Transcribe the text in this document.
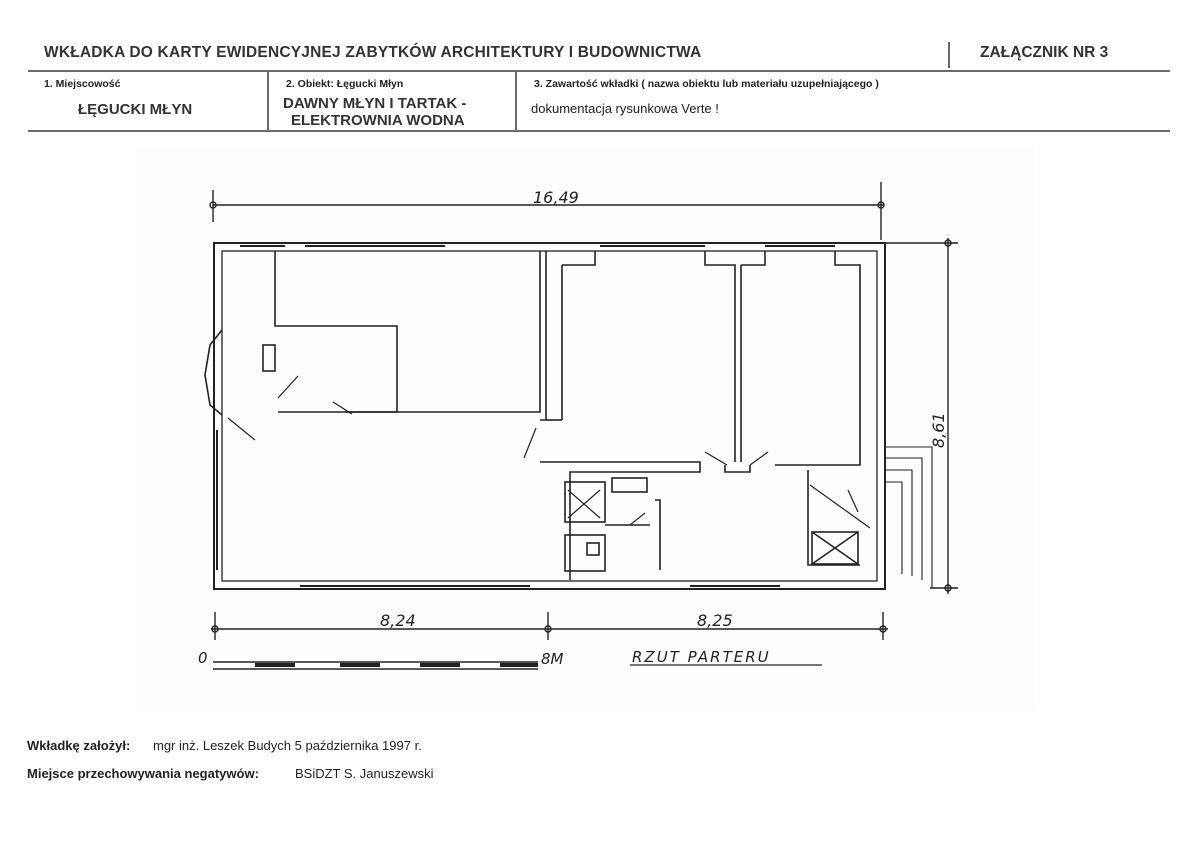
WKŁADKA DO KARTY EWIDENCYJNEJ ZABYTKÓW ARCHITEKTURY I BUDOWNICTWA	ZAŁĄCZNIK NR 3
1. Miejscowość
ŁĘGUCKI MŁYN
2. Obiekt: Łęgucki Młyn
DAWNY MŁYN I TARTAK -
ELEKTROWNIA WODNA
3. Zawartość wkładki ( nazwa obiektu lub materiału uzupełniającego )
dokumentacja rysunkowa Verte !
16,49
8,61
8,24	8,25
0	8M	RZUT PARTERU
Wkładkę założył: mgr inż. Leszek Budych 5 października 1997 r.
Miejsce przechowywania negatywów:	BSiDZT S. Januszewski
